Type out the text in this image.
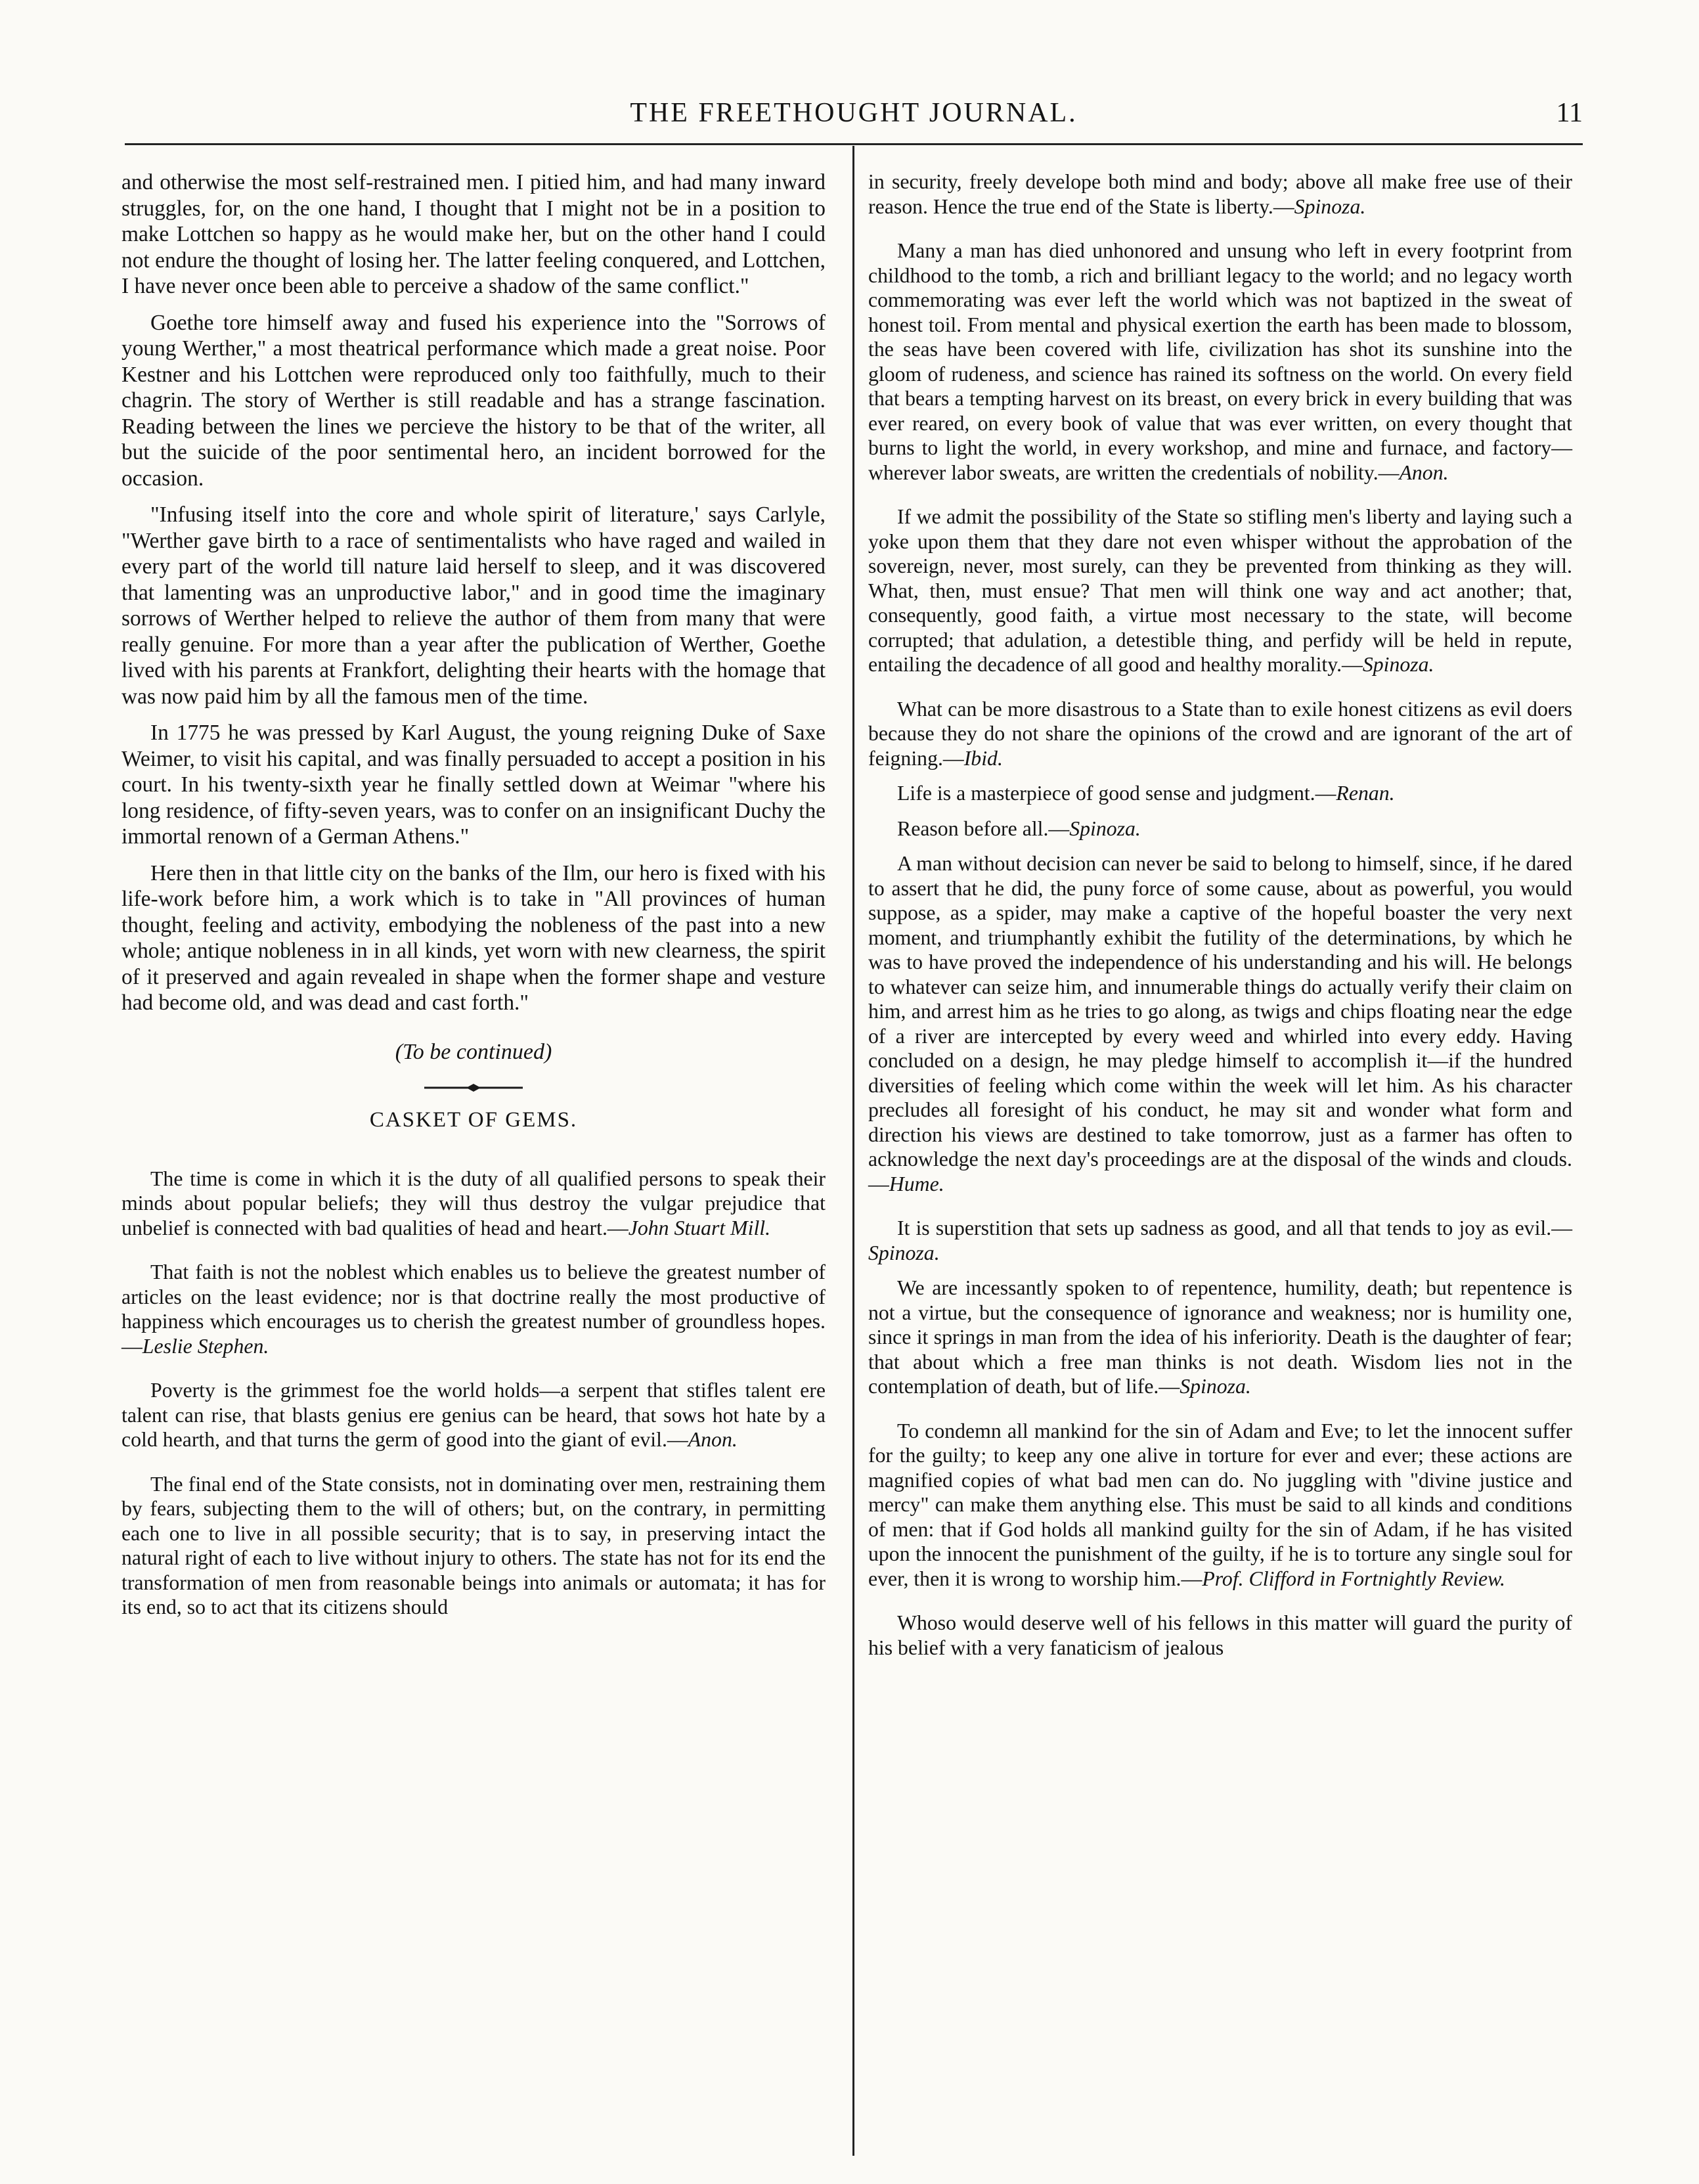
THE FREETHOUGHT JOURNAL.	11

and otherwise the most self-restrained men. I pitied him, and had many inward struggles, for, on the one hand, I thought that I might not be in a position to make Lottchen so happy as he would make her, but on the other hand I could not endure the thought of losing her. The latter feeling conquered, and Lottchen, I have never once been able to perceive a shadow of the same conflict."

Goethe tore himself away and fused his experience into the "Sorrows of young Werther," a most theatrical performance which made a great noise. Poor Kestner and his Lottchen were reproduced only too faithfully, much to their chagrin. The story of Werther is still readable and has a strange fascination. Reading between the lines we percieve the history to be that of the writer, all but the suicide of the poor sentimental hero, an incident borrowed for the occasion.

"Infusing itself into the core and whole spirit of literature,' says Carlyle, "Werther gave birth to a race of sentimentalists who have raged and wailed in every part of the world till nature laid herself to sleep, and it was discovered that lamenting was an unproductive labor," and in good time the imaginary sorrows of Werther helped to relieve the author of them from many that were really genuine. For more than a year after the publication of Werther, Goethe lived with his parents at Frankfort, delighting their hearts with the homage that was now paid him by all the famous men of the time.

In 1775 he was pressed by Karl August, the young reigning Duke of Saxe Weimer, to visit his capital, and was finally persuaded to accept a position in his court. In his twenty-sixth year he finally settled down at Weimar "where his long residence, of fifty-seven years, was to confer on an insignificant Duchy the immortal renown of a German Athens."

Here then in that little city on the banks of the Ilm, our hero is fixed with his life-work before him, a work which is to take in "All provinces of human thought, feeling and activity, embodying the nobleness of the past into a new whole; antique nobleness in in all kinds, yet worn with new clearness, the spirit of it preserved and again revealed in shape when the former shape and vesture had become old, and was dead and cast forth."

(To be continued)
CASKET OF GEMS.

The time is come in which it is the duty of all qualified persons to speak their minds about popular beliefs; they will thus destroy the vulgar prejudice that unbelief is connected with bad qualities of head and heart.—John Stuart Mill.

That faith is not the noblest which enables us to believe the greatest number of articles on the least evidence; nor is that doctrine really the most productive of happiness which encourages us to cherish the greatest number of groundless hopes.—Leslie Stephen.

Poverty is the grimmest foe the world holds—a serpent that stifles talent ere talent can rise, that blasts genius ere genius can be heard, that sows hot hate by a cold hearth, and that turns the germ of good into the giant of evil.—Anon.

The final end of the State consists, not in dominating over men, restraining them by fears, subjecting them to the will of others; but, on the contrary, in permitting each one to live in all possible security; that is to say, in preserving intact the natural right of each to live without injury to others. The state has not for its end the transformation of men from reasonable beings into animals or automata; it has for its end, so to act that its citizens should

in security, freely develope both mind and body; above all make free use of their reason. Hence the true end of the State is liberty.—Spinoza.

Many a man has died unhonored and unsung who left in every footprint from childhood to the tomb, a rich and brilliant legacy to the world; and no legacy worth commemorating was ever left the world which was not baptized in the sweat of honest toil. From mental and physical exertion the earth has been made to blossom, the seas have been covered with life, civilization has shot its sunshine into the gloom of rudeness, and science has rained its softness on the world. On every field that bears a tempting harvest on its breast, on every brick in every building that was ever reared, on every book of value that was ever written, on every thought that burns to light the world, in every workshop, and mine and furnace, and factory—wherever labor sweats, are written the credentials of nobility.—Anon.

If we admit the possibility of the State so stifling men's liberty and laying such a yoke upon them that they dare not even whisper without the approbation of the sovereign, never, most surely, can they be prevented from thinking as they will. What, then, must ensue? That men will think one way and act another; that, consequently, good faith, a virtue most necessary to the state, will become corrupted; that adulation, a detestible thing, and perfidy will be held in repute, entailing the decadence of all good and healthy morality.—Spinoza.

What can be more disastrous to a State than to exile honest citizens as evil doers because they do not share the opinions of the crowd and are ignorant of the art of feigning.—Ibid.

Life is a masterpiece of good sense and judgment.—Renan.

Reason before all.—Spinoza.

A man without decision can never be said to belong to himself, since, if he dared to assert that he did, the puny force of some cause, about as powerful, you would suppose, as a spider, may make a captive of the hopeful boaster the very next moment, and triumphantly exhibit the futility of the determinations, by which he was to have proved the independence of his understanding and his will. He belongs to whatever can seize him, and innumerable things do actually verify their claim on him, and arrest him as he tries to go along, as twigs and chips floating near the edge of a river are intercepted by every weed and whirled into every eddy. Having concluded on a design, he may pledge himself to accomplish it—if the hundred diversities of feeling which come within the week will let him. As his character precludes all foresight of his conduct, he may sit and wonder what form and direction his views are destined to take tomorrow, just as a farmer has often to acknowledge the next day's proceedings are at the disposal of the winds and clouds.—Hume.

It is superstition that sets up sadness as good, and all that tends to joy as evil.—Spinoza.

We are incessantly spoken to of repentence, humility, death; but repentence is not a virtue, but the consequence of ignorance and weakness; nor is humility one, since it springs in man from the idea of his inferiority. Death is the daughter of fear; that about which a free man thinks is not death. Wisdom lies not in the contemplation of death, but of life.—Spinoza.

To condemn all mankind for the sin of Adam and Eve; to let the innocent suffer for the guilty; to keep any one alive in torture for ever and ever; these actions are magnified copies of what bad men can do. No juggling with "divine justice and mercy" can make them anything else. This must be said to all kinds and conditions of men: that if God holds all mankind guilty for the sin of Adam, if he has visited upon the innocent the punishment of the guilty, if he is to torture any single soul for ever, then it is wrong to worship him.—Prof. Clifford in Fortnightly Review.

Whoso would deserve well of his fellows in this matter will guard the purity of his belief with a very fanaticism of jealous
